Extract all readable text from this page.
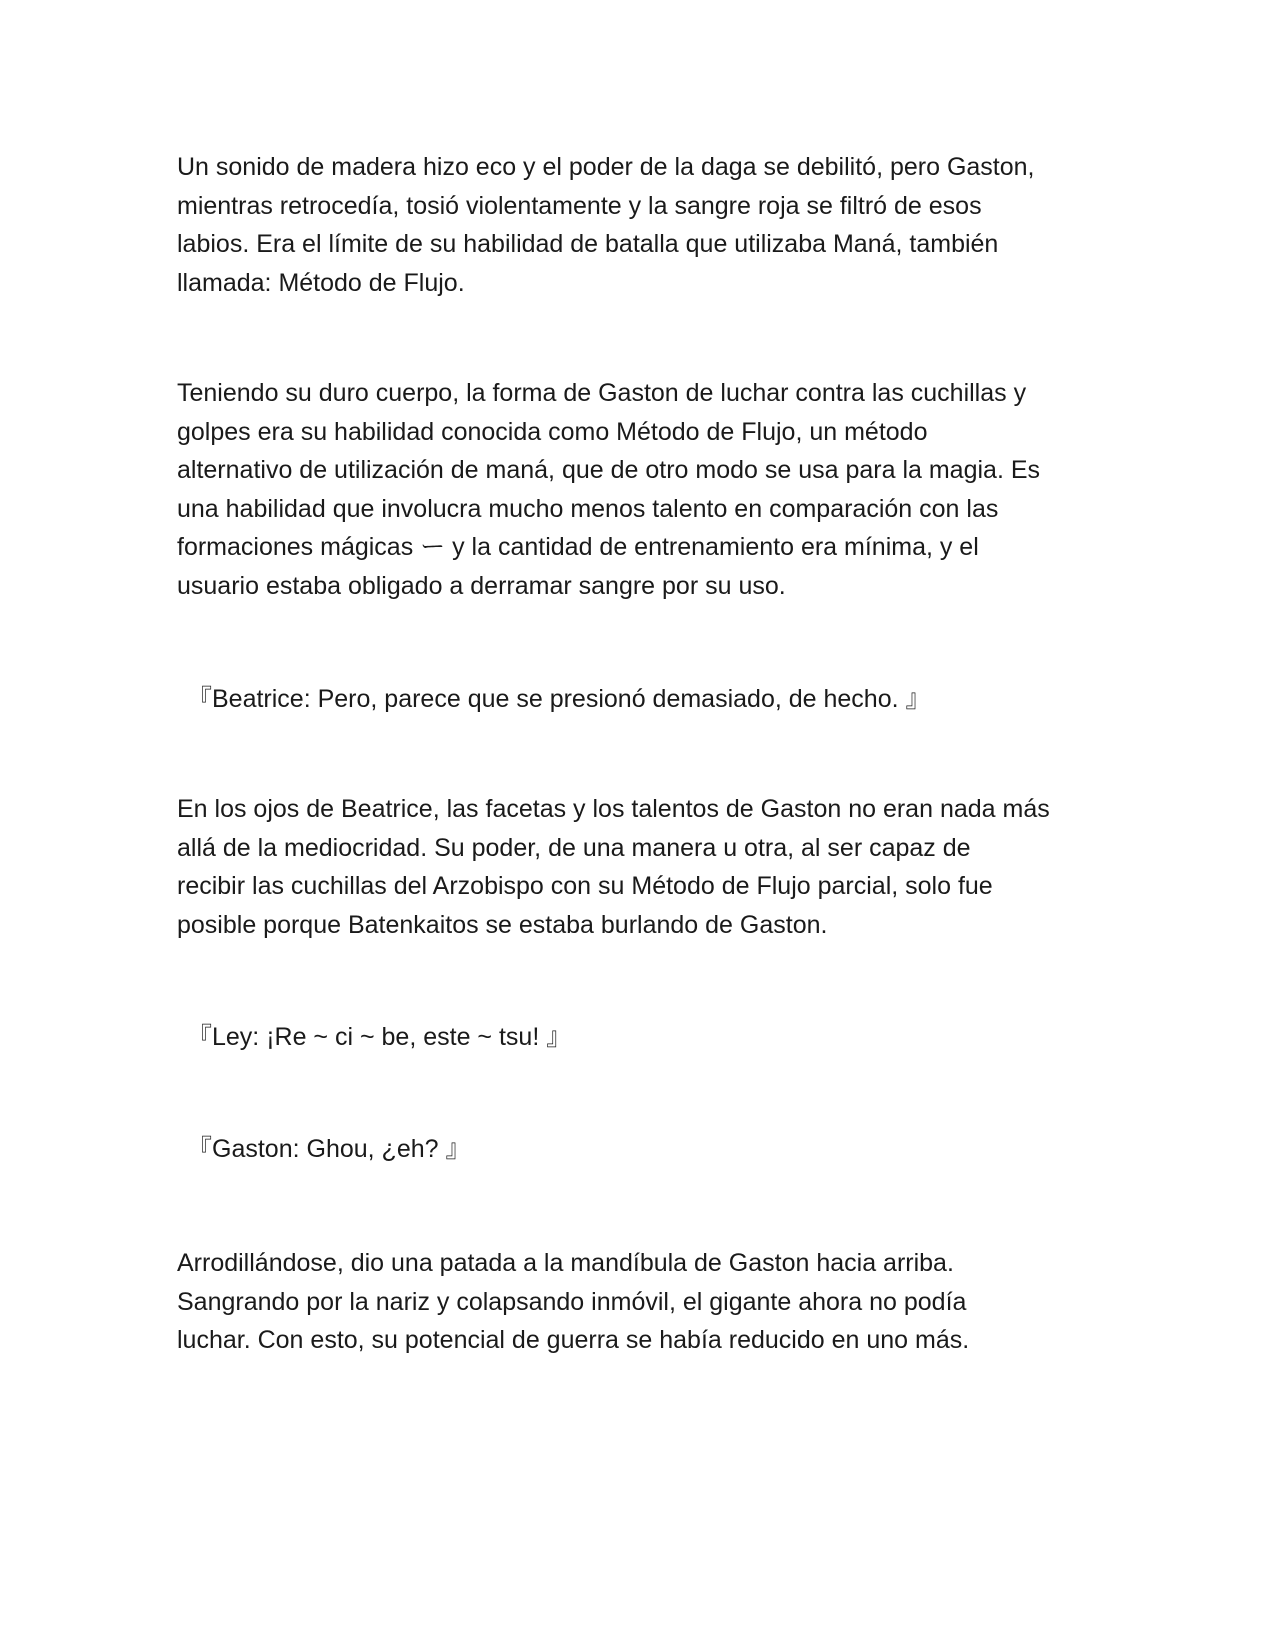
Un sonido de madera hizo eco y el poder de la daga se debilitó, pero Gaston,
mientras retrocedía, tosió violentamente y la sangre roja se filtró de esos
labios. Era el límite de su habilidad de batalla que utilizaba Maná, también
llamada: Método de Flujo.

Teniendo su duro cuerpo, la forma de Gaston de luchar contra las cuchillas y
golpes era su habilidad conocida como Método de Flujo, un método
alternativo de utilización de maná, que de otro modo se usa para la magia. Es
una habilidad que involucra mucho menos talento en comparación con las
formaciones mágicas ー y la cantidad de entrenamiento era mínima, y el
usuario estaba obligado a derramar sangre por su uso.

『Beatrice: Pero, parece que se presionó demasiado, de hecho. 』

En los ojos de Beatrice, las facetas y los talentos de Gaston no eran nada más
allá de la mediocridad. Su poder, de una manera u otra, al ser capaz de
recibir las cuchillas del Arzobispo con su Método de Flujo parcial, solo fue
posible porque Batenkaitos se estaba burlando de Gaston.

『Ley: ¡Re ~ ci ~ be, este ~ tsu! 』

『Gaston: Ghou, ¿eh? 』

Arrodillándose, dio una patada a la mandíbula de Gaston hacia arriba.
Sangrando por la nariz y colapsando inmóvil, el gigante ahora no podía
luchar. Con esto, su potencial de guerra se había reducido en uno más.
